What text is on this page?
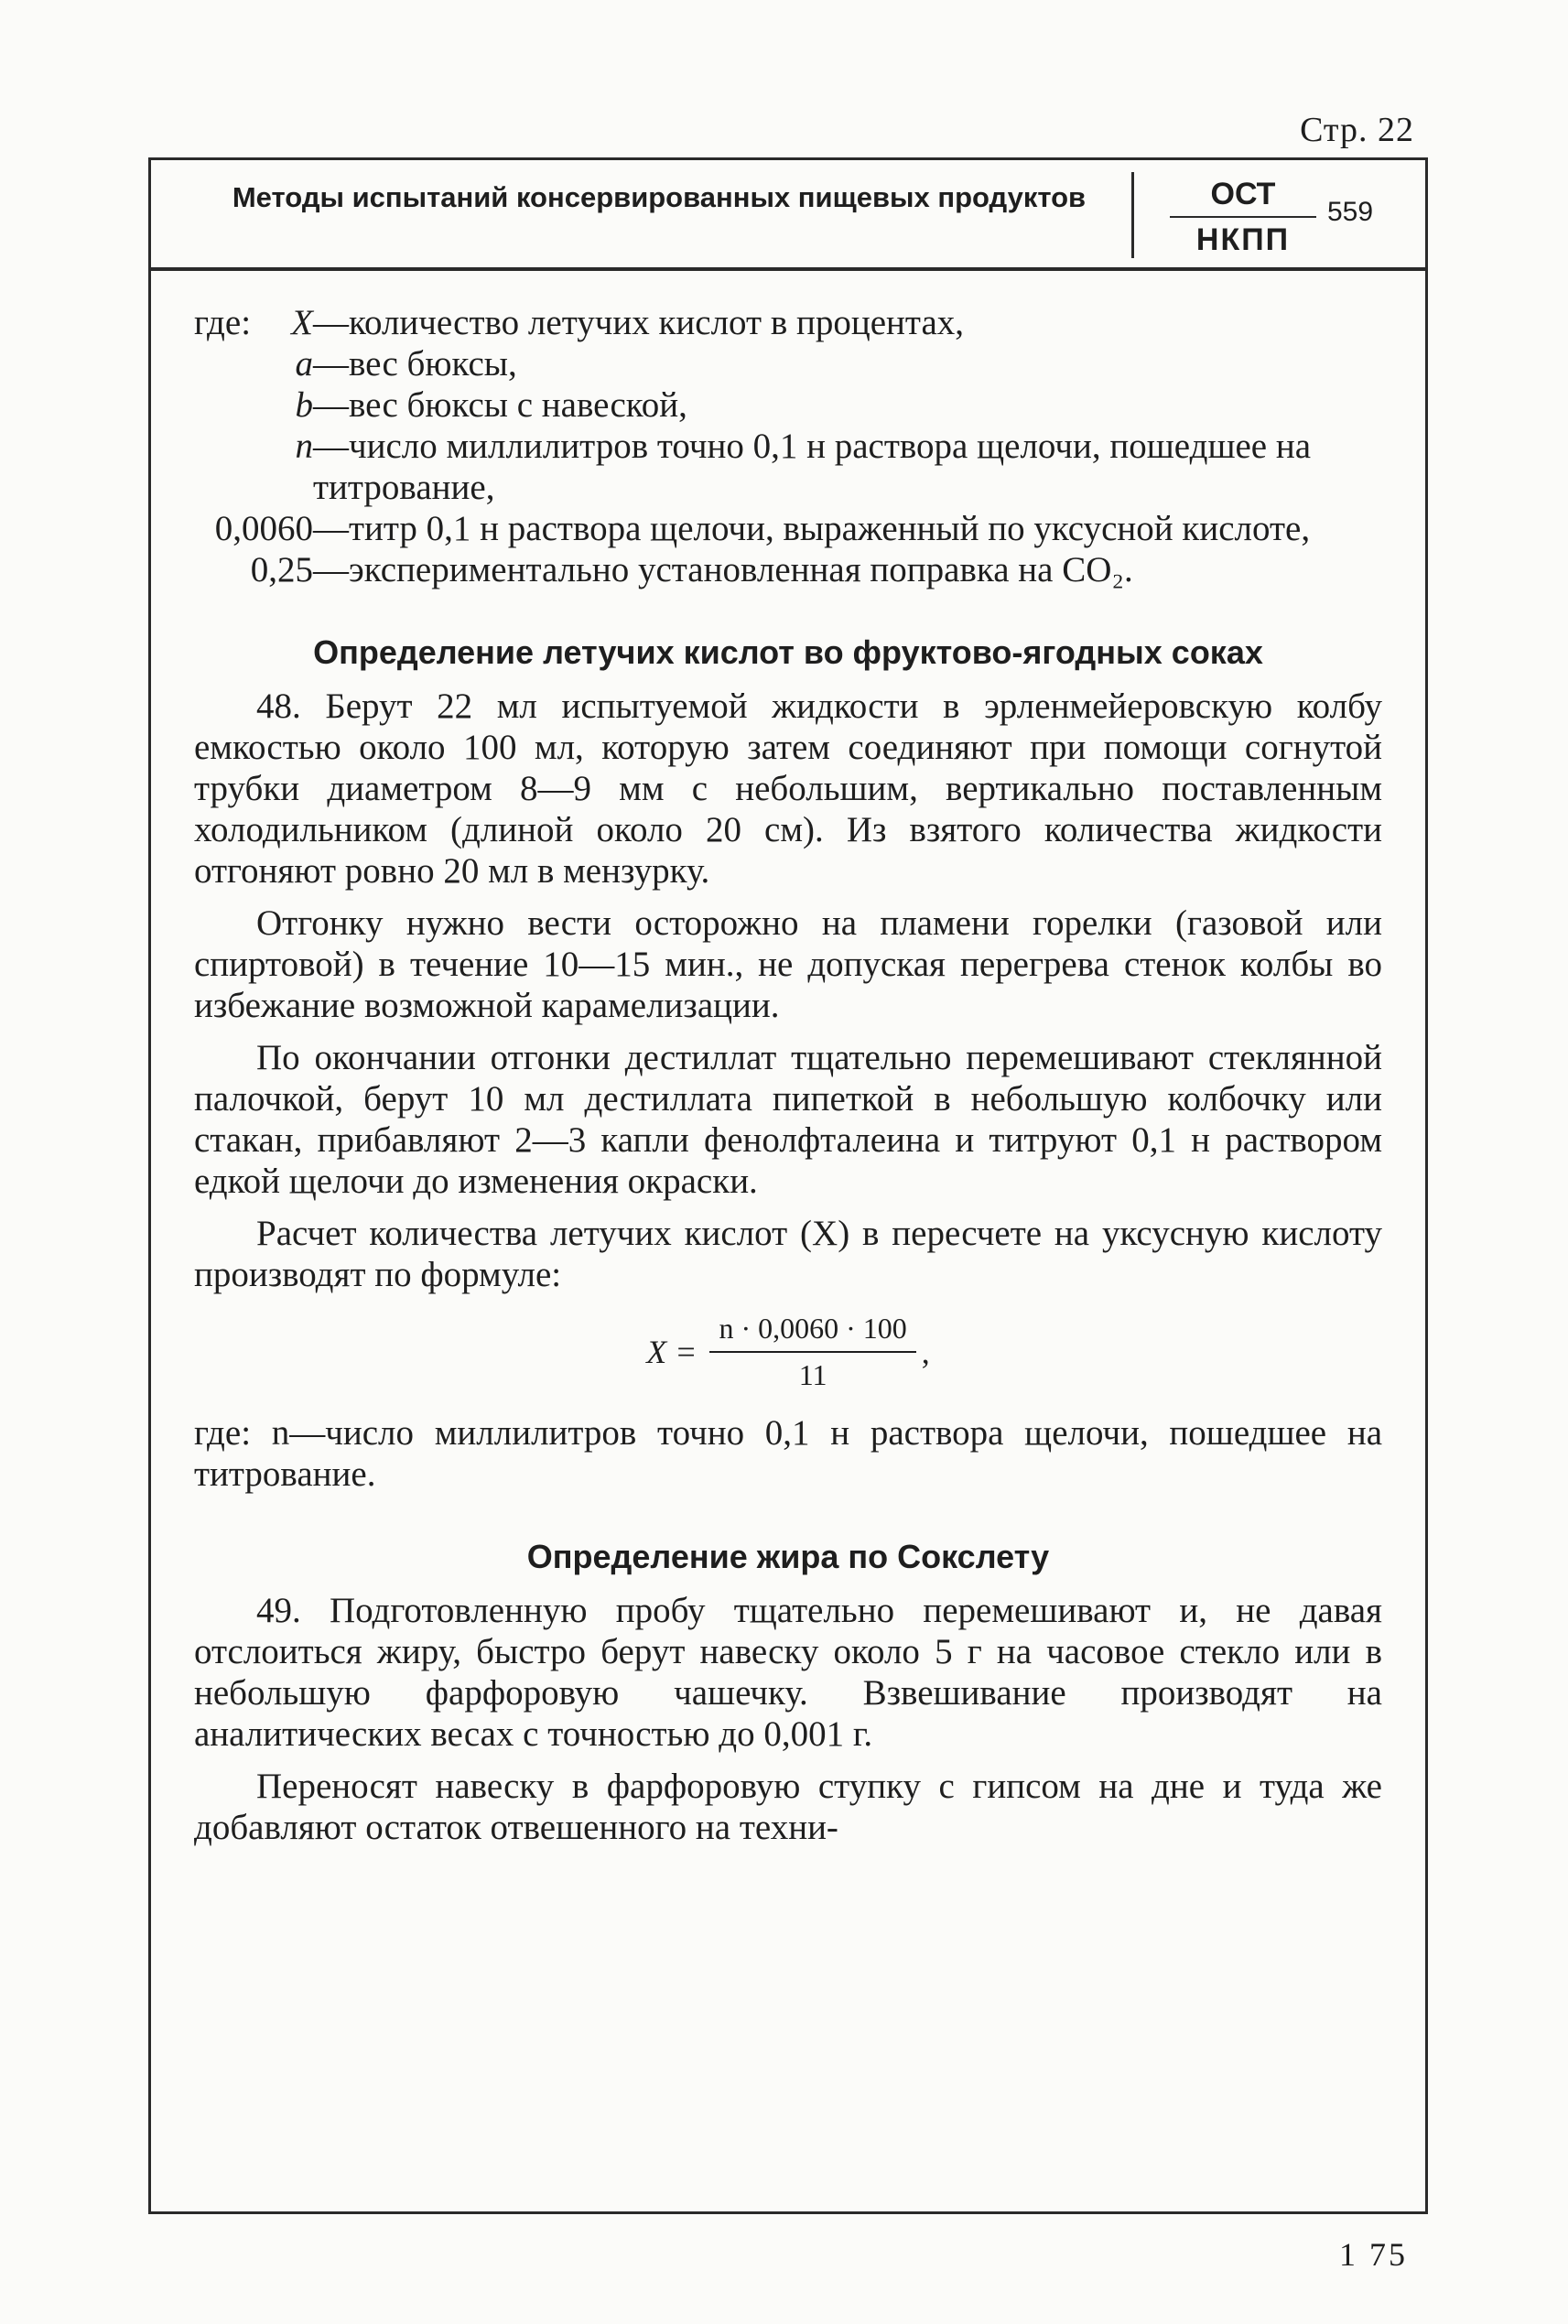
Стр. 22
Методы испытаний консервированных пищевых продуктов	ОСТ
НКПП
559
где:	X —количество летучих кислот в процентах,
a —вес бюксы,
b —вес бюксы с навеской,
n —число миллилитров точно 0,1 н раствора щелочи, пошедшее на титрование,
0,0060 —титр 0,1 н раствора щелочи, выраженный по уксусной кислоте,
0,25 —экспериментально установленная поправка на CO₂.
Определение летучих кислот во фруктово-ягодных соках

48. Берут 22 мл испытуемой жидкости в эрленмейеровскую колбу емкостью около 100 мл, которую затем соединяют при помощи согнутой трубки диаметром 8—9 мм с небольшим, вертикально поставленным холодильником (длиной около 20 см). Из взятого количества жидкости отгоняют ровно 20 мл в мензурку.

Отгонку нужно вести осторожно на пламени горелки (газовой или спиртовой) в течение 10—15 мин., не допуская перегрева стенок колбы во избежание возможной карамелизации.

По окончании отгонки дестиллат тщательно перемешивают стеклянной палочкой, берут 10 мл дестиллата пипеткой в небольшую колбочку или стакан, прибавляют 2—3 капли фенолфталеина и титруют 0,1 н раствором едкой щелочи до изменения окраски.

Расчет количества летучих кислот (X) в пересчете на уксусную кислоту производят по формуле:

$X = \frac{n \cdot 0,0060 \cdot 100}{11}$ ,

где: n—число миллилитров точно 0,1 н раствора щелочи, пошедшее на титрование.

Определение жира по Сокслету

49. Подготовленную пробу тщательно перемешивают и, не давая отслоиться жиру, быстро берут навеску около 5 г на часовое стекло или в небольшую фарфоровую чашечку. Взвешивание производят на аналитических весах с точностью до 0,001 г.

Переносят навеску в фарфоровую ступку с гипсом на дне и туда же добавляют остаток отвешенного на техни-

1 75
